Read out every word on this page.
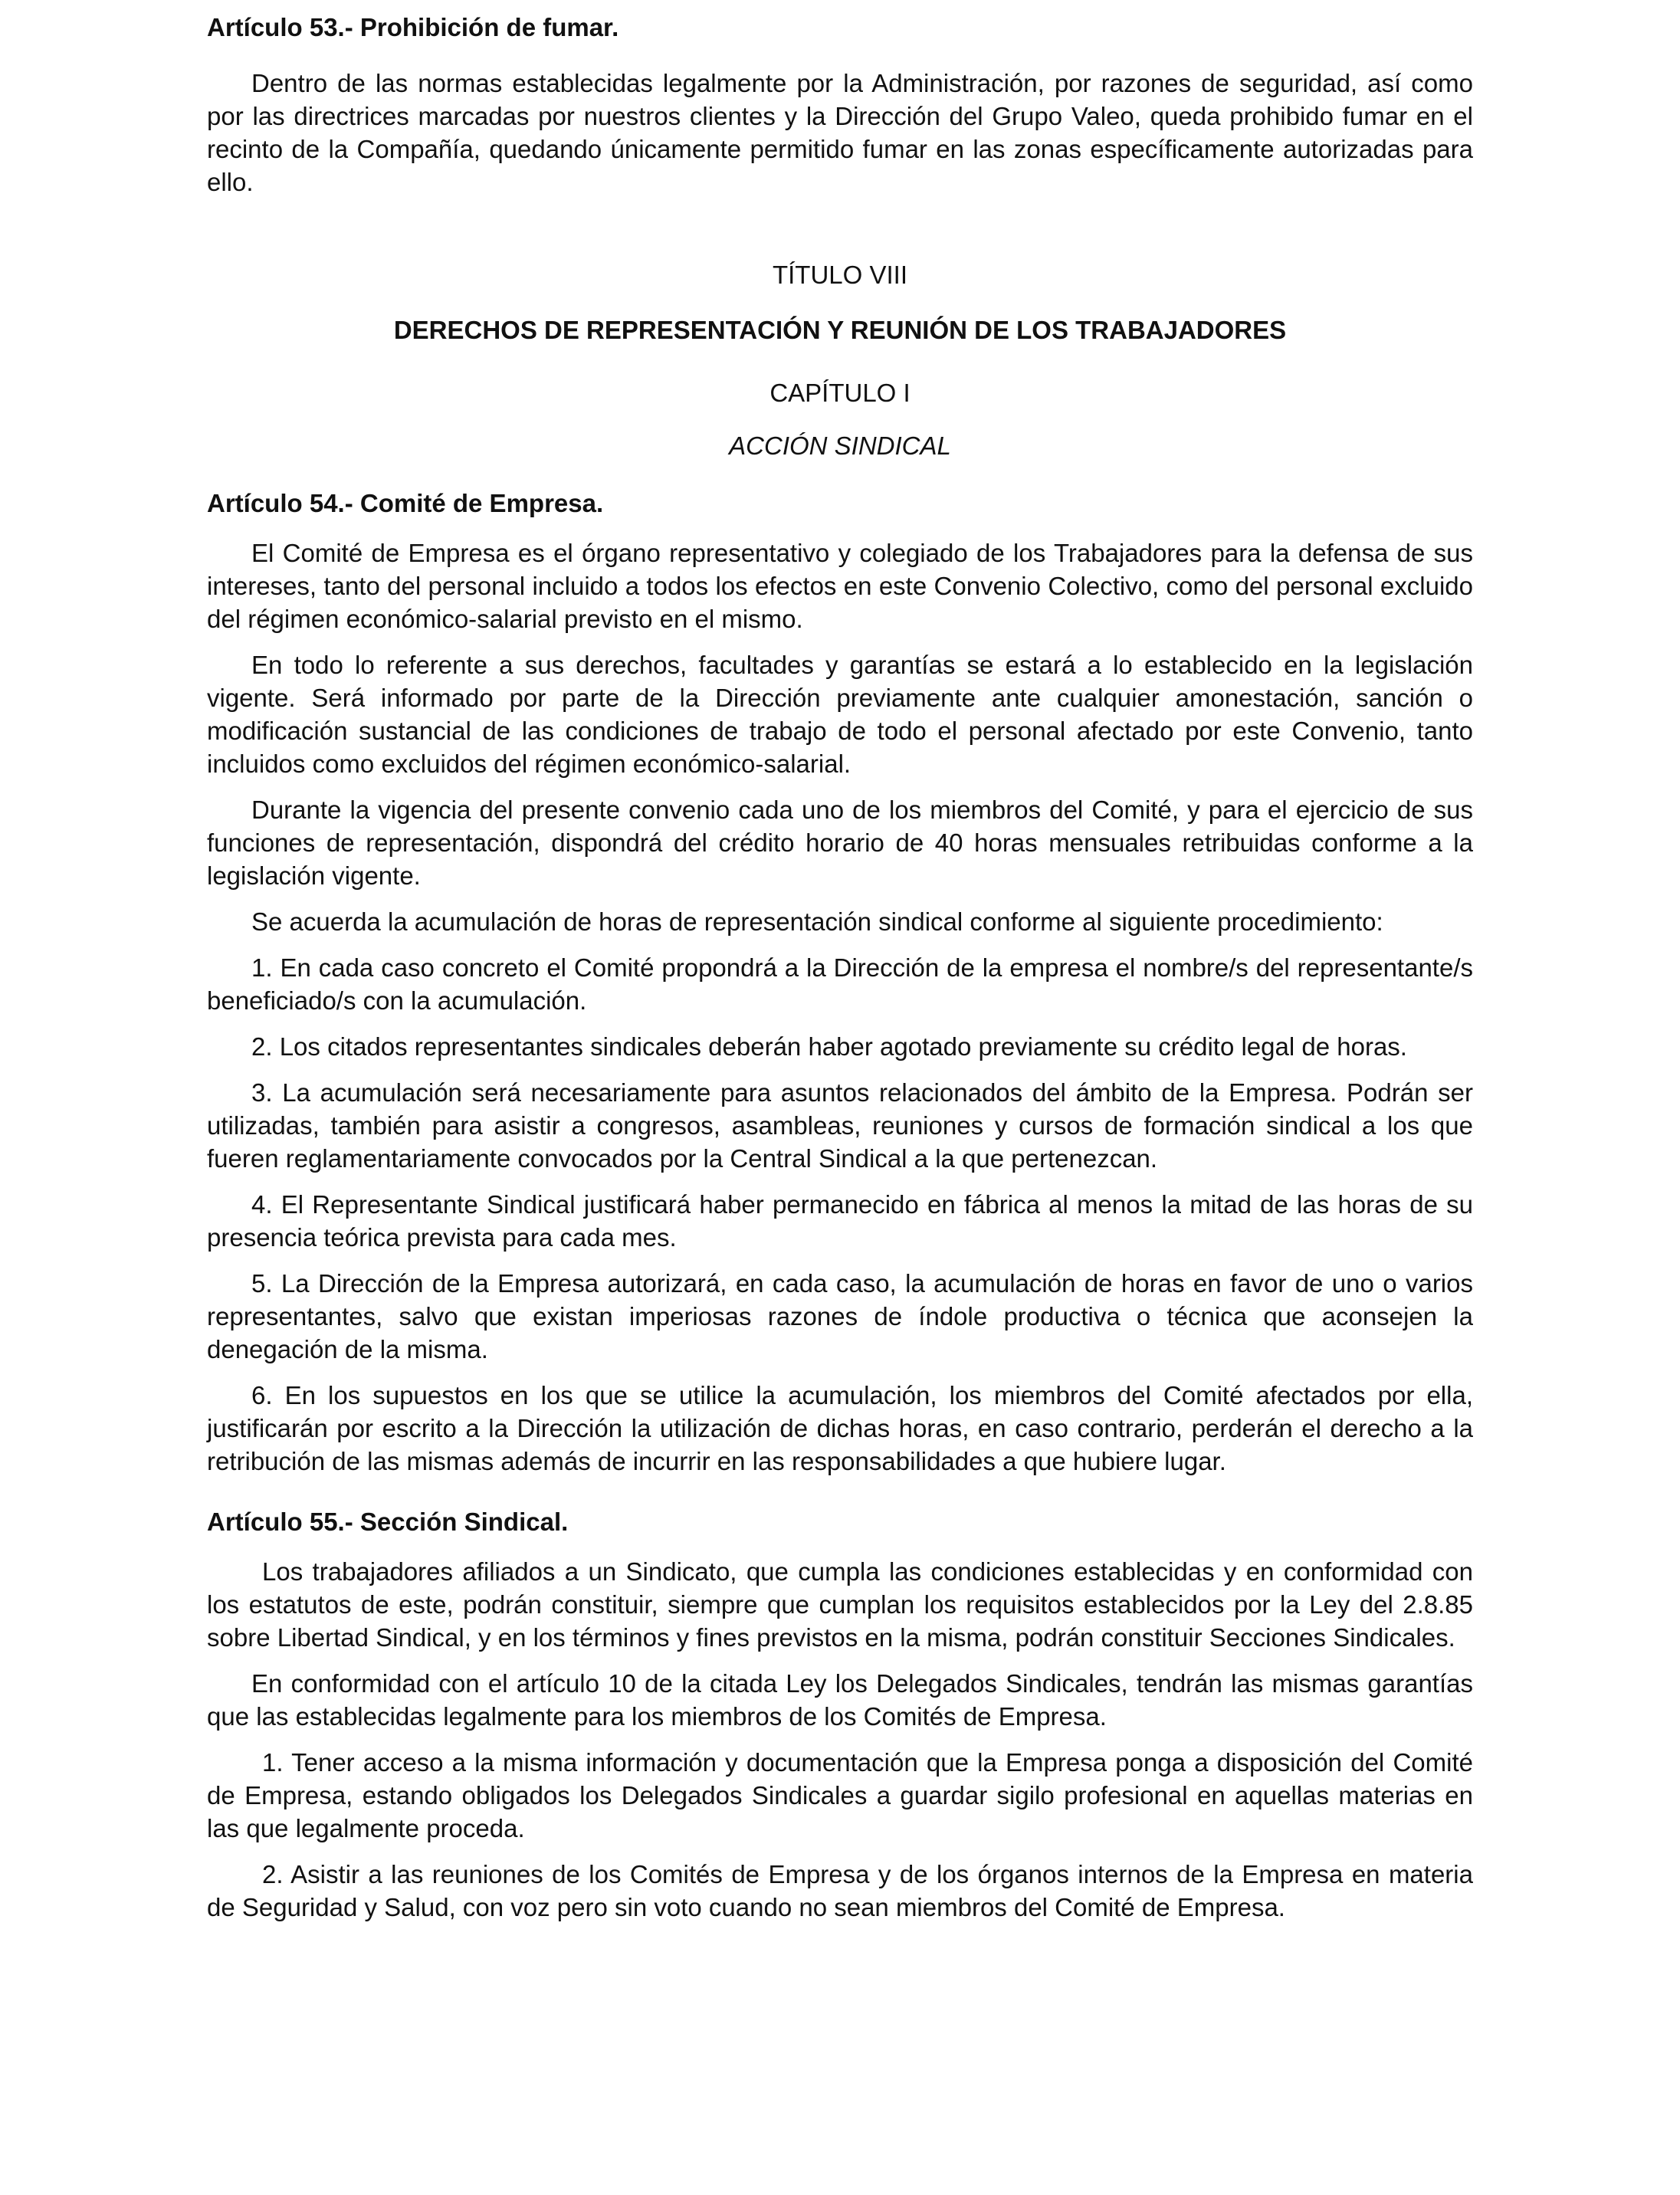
Artículo 53.- Prohibición de fumar.

Dentro de las normas establecidas legalmente por la Administración, por razones de seguridad, así como por las directrices marcadas por nuestros clientes y la Dirección del Grupo Valeo, queda prohibido fumar en el recinto de la Compañía, quedando únicamente permitido fumar en las zonas específicamente autorizadas para ello.

TÍTULO VIII
DERECHOS DE REPRESENTACIÓN Y REUNIÓN DE LOS TRABAJADORES
CAPÍTULO I
ACCIÓN SINDICAL
Artículo 54.- Comité de Empresa.

El Comité de Empresa es el órgano representativo y colegiado de los Trabajadores para la defensa de sus intereses, tanto del personal incluido a todos los efectos en este Convenio Colectivo, como del personal excluido del régimen económico-salarial previsto en el mismo.

En todo lo referente a sus derechos, facultades y garantías se estará a lo establecido en la legislación vigente. Será informado por parte de la Dirección previamente ante cualquier amonestación, sanción o modificación sustancial de las condiciones de trabajo de todo el personal afectado por este Convenio, tanto incluidos como excluidos del régimen económico-salarial.

Durante la vigencia del presente convenio cada uno de los miembros del Comité, y para el ejercicio de sus funciones de representación, dispondrá del crédito horario de 40 horas mensuales retribuidas conforme a la legislación vigente.

Se acuerda la acumulación de horas de representación sindical conforme al siguiente procedimiento:

1. En cada caso concreto el Comité propondrá a la Dirección de la empresa el nombre/s del representante/s beneficiado/s con la acumulación.

2. Los citados representantes sindicales deberán haber agotado previamente su crédito legal de horas.

3. La acumulación será necesariamente para asuntos relacionados del ámbito de la Empresa. Podrán ser utilizadas, también para asistir a congresos, asambleas, reuniones y cursos de formación sindical a los que fueren reglamentariamente convocados por la Central Sindical a la que pertenezcan.

4. El Representante Sindical justificará haber permanecido en fábrica al menos la mitad de las horas de su presencia teórica prevista para cada mes.

5. La Dirección de la Empresa autorizará, en cada caso, la acumulación de horas en favor de uno o varios representantes, salvo que existan imperiosas razones de índole productiva o técnica que aconsejen la denegación de la misma.

6. En los supuestos en los que se utilice la acumulación, los miembros del Comité afectados por ella, justificarán por escrito a la Dirección la utilización de dichas horas, en caso contrario, perderán el derecho a la retribución de las mismas además de incurrir en las responsabilidades a que hubiere lugar.

Artículo 55.- Sección Sindical.

Los trabajadores afiliados a un Sindicato, que cumpla las condiciones establecidas y en conformidad con los estatutos de este, podrán constituir, siempre que cumplan los requisitos establecidos por la Ley del 2.8.85 sobre Libertad Sindical, y en los términos y fines previstos en la misma, podrán constituir Secciones Sindicales.

En conformidad con el artículo 10 de la citada Ley los Delegados Sindicales, tendrán las mismas garantías que las establecidas legalmente para los miembros de los Comités de Empresa.

1. Tener acceso a la misma información y documentación que la Empresa ponga a disposición del Comité de Empresa, estando obligados los Delegados Sindicales a guardar sigilo profesional en aquellas materias en las que legalmente proceda.

2. Asistir a las reuniones de los Comités de Empresa y de los órganos internos de la Empresa en materia de Seguridad y Salud, con voz pero sin voto cuando no sean miembros del Comité de Empresa.
